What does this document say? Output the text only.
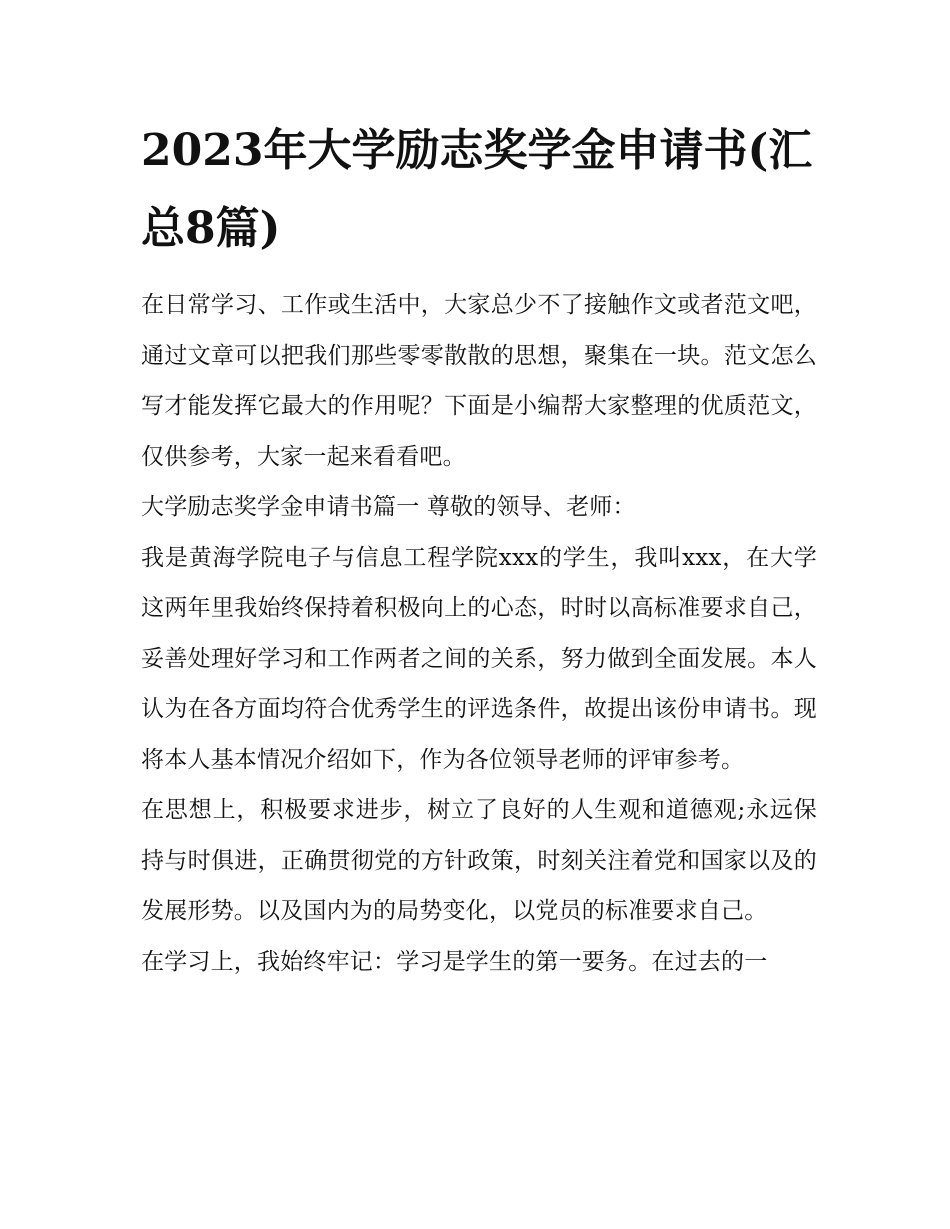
2023年大学励志奖学金申请书(汇总8篇)

在日常学习、工作或生活中，大家总少不了接触作文或者范文吧，通过文章可以把我们那些零零散散的思想，聚集在一块。范文怎么写才能发挥它最大的作用呢？下面是小编帮大家整理的优质范文，仅供参考，大家一起来看看吧。

大学励志奖学金申请书篇一 尊敬的领导、老师：

我是黄海学院电子与信息工程学院xxx的学生，我叫xxx，在大学这两年里我始终保持着积极向上的心态，时时以高标准要求自己，妥善处理好学习和工作两者之间的关系，努力做到全面发展。本人认为在各方面均符合优秀学生的评选条件，故提出该份申请书。现将本人基本情况介绍如下，作为各位领导老师的评审参考。

在思想上，积极要求进步，树立了良好的人生观和道德观;永远保持与时俱进，正确贯彻党的方针政策，时刻关注着党和国家以及的发展形势。以及国内为的局势变化，以党员的标准要求自己。

在学习上，我始终牢记：学习是学生的第一要务。在过去的一
